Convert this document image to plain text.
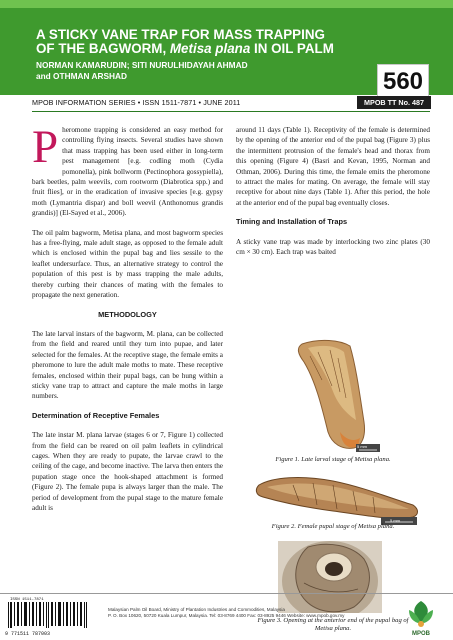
A STICKY VANE TRAP FOR MASS TRAPPING
OF THE BAGWORM, Metisa plana IN OIL PALM
NORMAN KAMARUDIN; SITI NURULHIDAYAH AHMAD
and OTHMAN ARSHAD	560
MPOB INFORMATION SERIES • ISSN 1511-7871 • JUNE 2011	MPOB TT No. 487

Pheromone trapping is considered an easy method for controlling flying insects. Several studies have shown that mass trapping has been used either in long-term pest management [e.g. codling moth (Cydia pomonella), pink bollworm (Pectinophora gossypiella), bark beetles, palm weevils, corn rootworm (Diabrotica spp.) and fruit flies], or in the eradication of invasive species [e.g. gypsy moth (Lymantria dispar) and boll weevil (Anthonomus grandis grandis)] (El-Sayed et al., 2006).

The oil palm bagworm, Metisa plana, and most bagworm species has a free-flying, male adult stage, as opposed to the female adult which is enclosed within the pupal bag and lies sessile to the leaflet undersurface. Thus, an alternative strategy to control the population of this pest is by mass trapping the male adults, thereby curbing their chances of mating with the females to propagate the next generation.

METHODOLOGY

The late larval instars of the bagworm, M. plana, can be collected from the field and reared until they turn into pupae, and later selected for the females. At the receptive stage, the female emits a pheromone to lure the adult male moths to mate. These receptive females, enclosed within their pupal bags, can be hung within a sticky vane trap to attract and capture the male moths in large numbers.

Determination of Receptive Females

The late instar M. plana larvae (stages 6 or 7, Figure 1) collected from the field can be reared on oil palm leaflets in cylindrical cages. When they are ready to pupate, the larvae crawl to the ceiling of the cage, and become inactive. The larva then enters the pupation stage once the hook-shaped attachment is formed (Figure 2). The female pupa is always larger than the male. The period of development from the pupal stage to the mature female adult is

around 11 days (Table 1). Receptivity of the female is determined by the opening of the anterior end of the pupal bag (Figure 3) plus the intermittent protrusion of the female's head and thorax from this opening (Figure 4) (Basri and Kevan, 1995, Norman and Othman, 2006). During this time, the female emits the pheromone to attract the males for mating. On average, the female will stay receptive for about nine days (Table 1). After this period, the hole at the anterior end of the pupal bag eventually closes.

Timing and Installation of Traps

A sticky vane trap was made by interlocking two zinc plates (30 cm × 30 cm). Each trap was baited

5 mm
Figure 1. Late larval stage of Metisa plana.
5 mm
Figure 2. Female pupal stage of Metisa plana.
Figure 3. Opening at the anterior end of the pupal bag of
Metisa plana.
ISSN 1511-7871
9 771511 787003
Malaysian Palm Oil Board, Ministry of Plantation Industries and Commodities, Malaysia
P. O. Box 10620, 50720 Kuala Lumpur, Malaysia. Tel: 03-8769 4400 Fax: 03-8925 9446 Website: www.mpob.gov.my
MPOB
